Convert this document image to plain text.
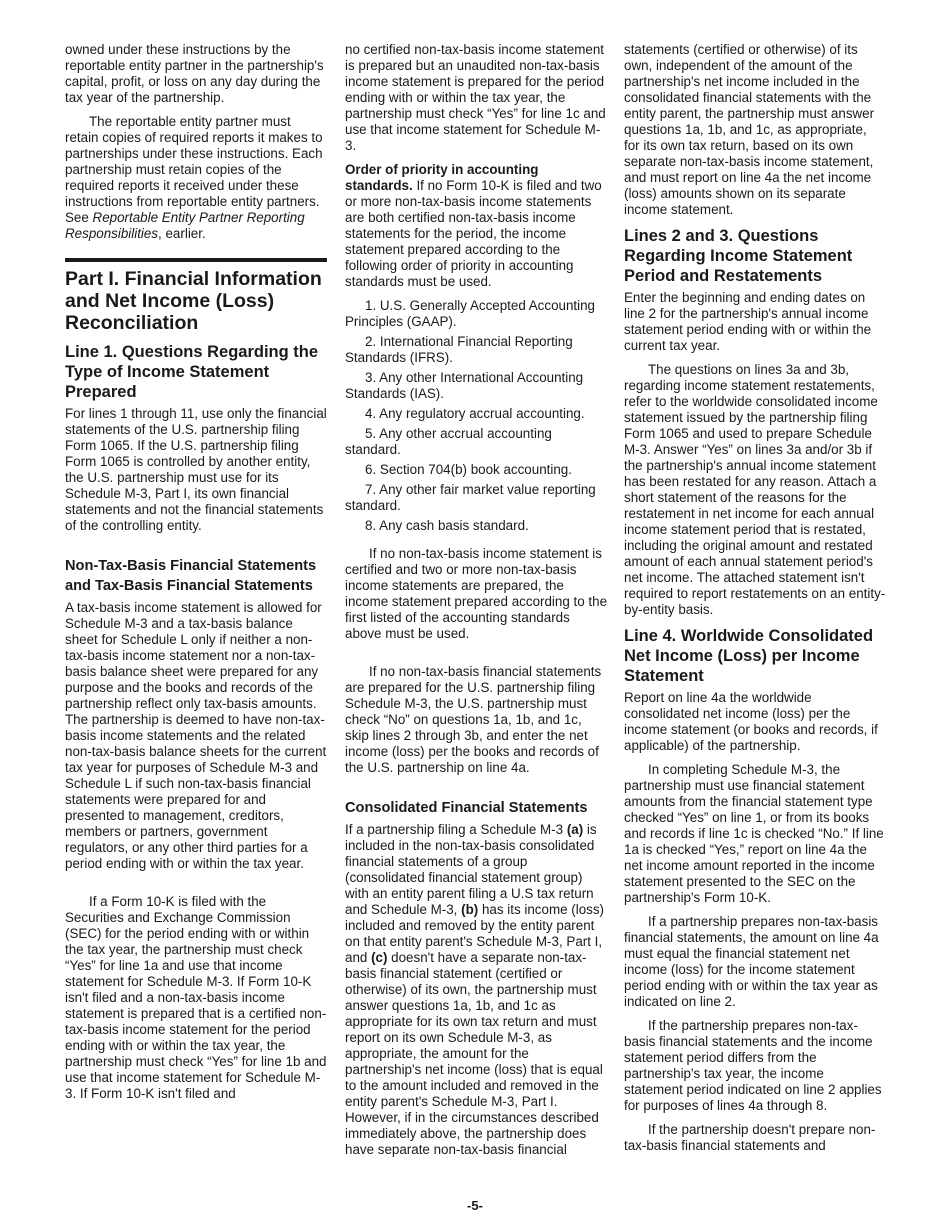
owned under these instructions by the reportable entity partner in the partnership's capital, profit, or loss on any day during the tax year of the partnership.

The reportable entity partner must retain copies of required reports it makes to partnerships under these instructions. Each partnership must retain copies of the required reports it received under these instructions from reportable entity partners. See Reportable Entity Partner Reporting Responsibilities, earlier.

Part I. Financial Information and Net Income (Loss) Reconciliation
Line 1. Questions Regarding the Type of Income Statement Prepared

For lines 1 through 11, use only the financial statements of the U.S. partnership filing Form 1065. If the U.S. partnership filing Form 1065 is controlled by another entity, the U.S. partnership must use for its Schedule M-3, Part I, its own financial statements and not the financial statements of the controlling entity.

Non-Tax-Basis Financial Statements and Tax-Basis Financial Statements

A tax-basis income statement is allowed for Schedule M-3 and a tax-basis balance sheet for Schedule L only if neither a non-tax-basis income statement nor a non-tax-basis balance sheet were prepared for any purpose and the books and records of the partnership reflect only tax-basis amounts. The partnership is deemed to have non-tax-basis income statements and the related non-tax-basis balance sheets for the current tax year for purposes of Schedule M-3 and Schedule L if such non-tax-basis financial statements were prepared for and presented to management, creditors, members or partners, government regulators, or any other third parties for a period ending with or within the tax year.

If a Form 10-K is filed with the Securities and Exchange Commission (SEC) for the period ending with or within the tax year, the partnership must check “Yes” for line 1a and use that income statement for Schedule M-3. If Form 10-K isn't filed and a non-tax-basis income statement is prepared that is a certified non-tax-basis income statement for the period ending with or within the tax year, the partnership must check “Yes” for line 1b and use that income statement for Schedule M-3. If Form 10-K isn't filed and

no certified non-tax-basis income statement is prepared but an unaudited non-tax-basis income statement is prepared for the period ending with or within the tax year, the partnership must check “Yes” for line 1c and use that income statement for Schedule M-3.

Order of priority in accounting standards. If no Form 10-K is filed and two or more non-tax-basis income statements are both certified non-tax-basis income statements for the period, the income statement prepared according to the following order of priority in accounting standards must be used.

1. U.S. Generally Accepted Accounting Principles (GAAP).
2. International Financial Reporting Standards (IFRS).
3. Any other International Accounting Standards (IAS).
4. Any regulatory accrual accounting.
5. Any other accrual accounting standard.
6. Section 704(b) book accounting.
7. Any other fair market value reporting standard.
8. Any cash basis standard.

If no non-tax-basis income statement is certified and two or more non-tax-basis income statements are prepared, the income statement prepared according to the first listed of the accounting standards above must be used.

If no non-tax-basis financial statements are prepared for the U.S. partnership filing Schedule M-3, the U.S. partnership must check “No” on questions 1a, 1b, and 1c, skip lines 2 through 3b, and enter the net income (loss) per the books and records of the U.S. partnership on line 4a.

Consolidated Financial Statements

If a partnership filing a Schedule M-3 (a) is included in the non-tax-basis consolidated financial statements of a group (consolidated financial statement group) with an entity parent filing a U.S tax return and Schedule M-3, (b) has its income (loss) included and removed by the entity parent on that entity parent's Schedule M-3, Part I, and (c) doesn't have a separate non-tax-basis financial statement (certified or otherwise) of its own, the partnership must answer questions 1a, 1b, and 1c as appropriate for its own tax return and must report on its own Schedule M-3, as appropriate, the amount for the partnership's net income (loss) that is equal to the amount included and removed in the entity parent's Schedule M-3, Part I. However, if in the circumstances described immediately above, the partnership does have separate non-tax-basis financial

statements (certified or otherwise) of its own, independent of the amount of the partnership's net income included in the consolidated financial statements with the entity parent, the partnership must answer questions 1a, 1b, and 1c, as appropriate, for its own tax return, based on its own separate non-tax-basis income statement, and must report on line 4a the net income (loss) amounts shown on its separate income statement.

Lines 2 and 3. Questions Regarding Income Statement Period and Restatements

Enter the beginning and ending dates on line 2 for the partnership's annual income statement period ending with or within the current tax year.

The questions on lines 3a and 3b, regarding income statement restatements, refer to the worldwide consolidated income statement issued by the partnership filing Form 1065 and used to prepare Schedule M-3. Answer “Yes” on lines 3a and/or 3b if the partnership's annual income statement has been restated for any reason. Attach a short statement of the reasons for the restatement in net income for each annual income statement period that is restated, including the original amount and restated amount of each annual statement period's net income. The attached statement isn't required to report restatements on an entity-by-entity basis.

Line 4. Worldwide Consolidated Net Income (Loss) per Income Statement

Report on line 4a the worldwide consolidated net income (loss) per the income statement (or books and records, if applicable) of the partnership.

In completing Schedule M-3, the partnership must use financial statement amounts from the financial statement type checked “Yes” on line 1, or from its books and records if line 1c is checked “No.” If line 1a is checked “Yes,” report on line 4a the net income amount reported in the income statement presented to the SEC on the partnership's Form 10-K.

If a partnership prepares non-tax-basis financial statements, the amount on line 4a must equal the financial statement net income (loss) for the income statement period ending with or within the tax year as indicated on line 2.

If the partnership prepares non-tax-basis financial statements and the income statement period differs from the partnership's tax year, the income statement period indicated on line 2 applies for purposes of lines 4a through 8.

If the partnership doesn't prepare non-tax-basis financial statements and

-5-
